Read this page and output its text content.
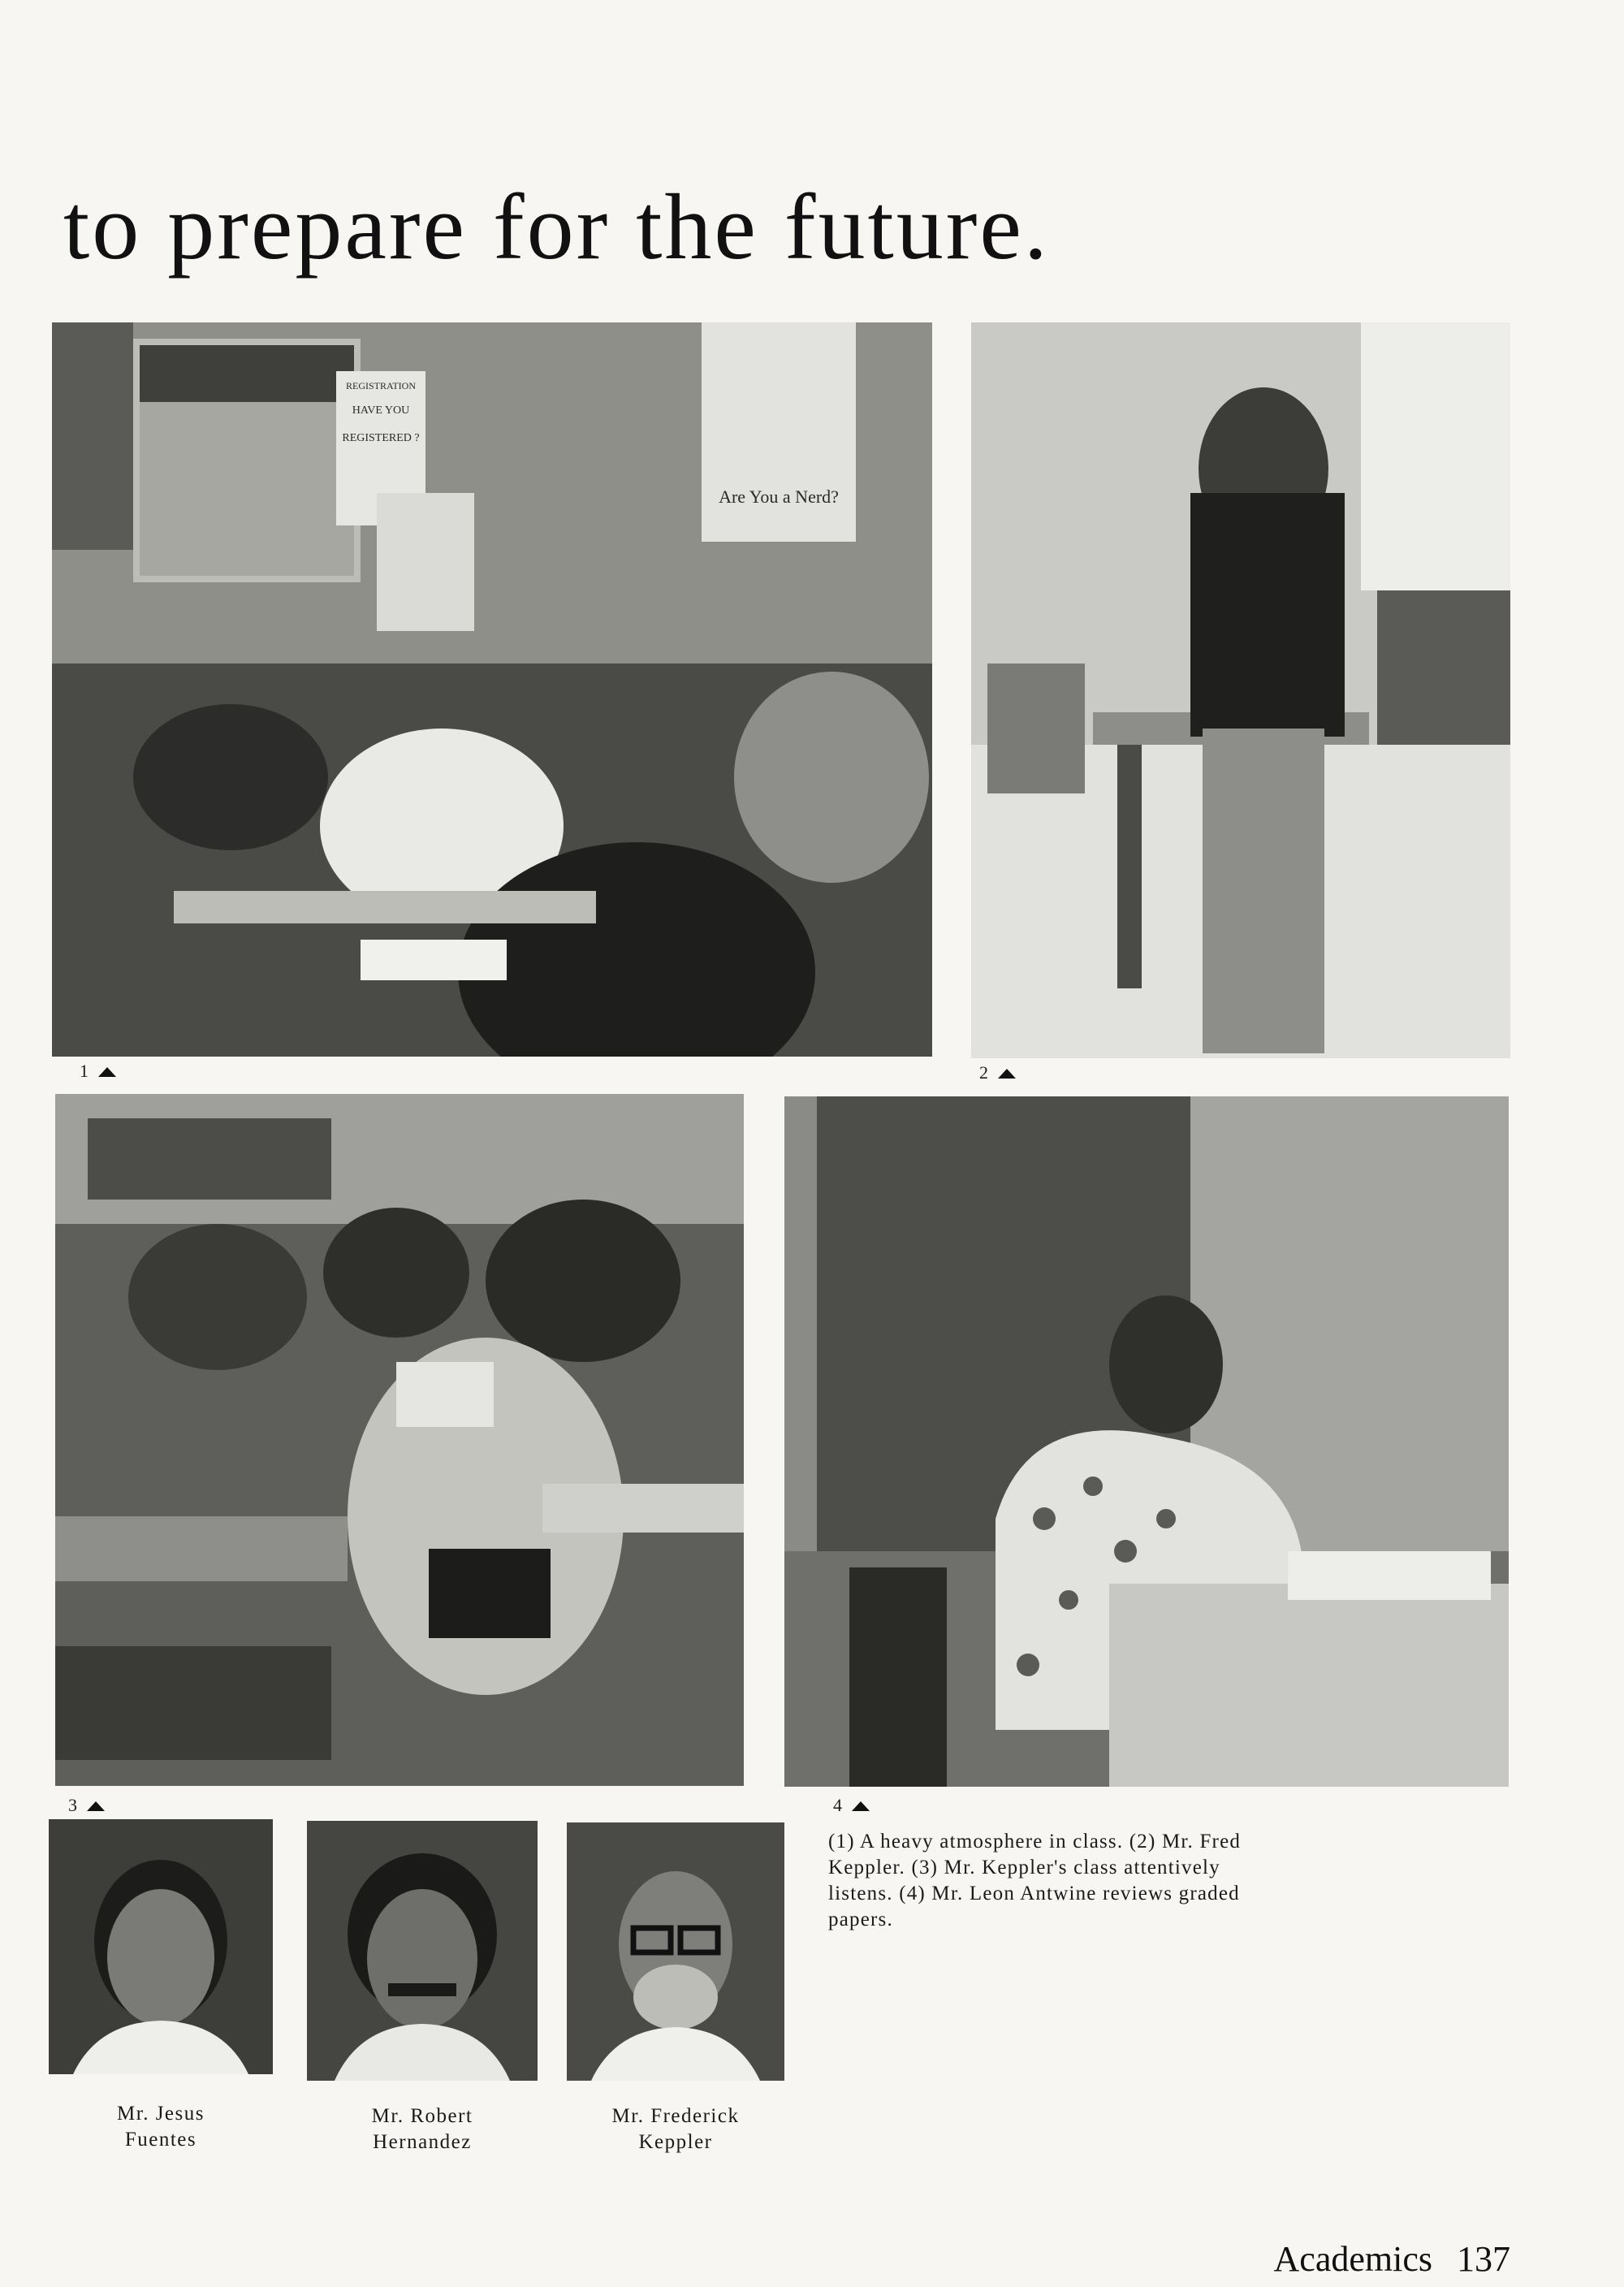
to prepare for the future.
REGISTRATION
HAVE YOU
REGISTERED ?
Are You a Nerd?
1	2
3	4
(1) A heavy atmosphere in class. (2) Mr. Fred Keppler. (3) Mr. Keppler's class attentively listens. (4) Mr. Leon Antwine reviews graded papers.
Mr. Jesus
Fuentes
Mr. Robert
Hernandez
Mr. Frederick
Keppler
Academics 137
